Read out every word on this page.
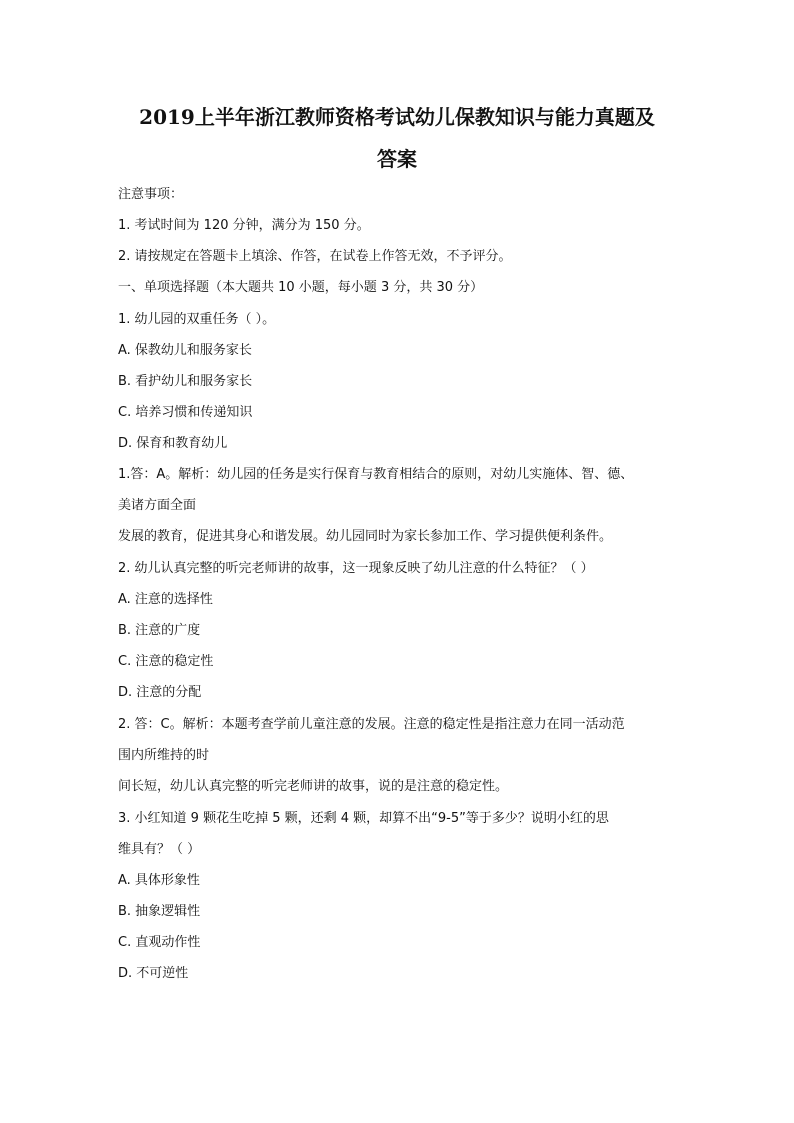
2019上半年浙江教师资格考试幼儿保教知识与能力真题及
答案
注意事项：
1. 考试时间为 120 分钟，满分为 150 分。
2. 请按规定在答题卡上填涂、作答，在试卷上作答无效，不予评分。
一、单项选择题（本大题共 10 小题，每小题 3 分，共 30 分）
1. 幼儿园的双重任务（ ）。
A. 保教幼儿和服务家长
B. 看护幼儿和服务家长
C. 培养习惯和传递知识
D. 保育和教育幼儿
1.答：A。解析：幼儿园的任务是实行保育与教育相结合的原则，对幼儿实施体、智、德、
美诸方面全面
发展的教育，促进其身心和谐发展。幼儿园同时为家长参加工作、学习提供便利条件。
2. 幼儿认真完整的听完老师讲的故事，这一现象反映了幼儿注意的什么特征？（ ）
A. 注意的选择性
B. 注意的广度
C. 注意的稳定性
D. 注意的分配
2. 答：C。解析：本题考查学前儿童注意的发展。注意的稳定性是指注意力在同一活动范
围内所维持的时
间长短，幼儿认真完整的听完老师讲的故事，说的是注意的稳定性。
3. 小红知道 9 颗花生吃掉 5 颗，还剩 4 颗，却算不出“9-5”等于多少？说明小红的思
维具有？（ ）
A. 具体形象性
B. 抽象逻辑性
C. 直观动作性
D. 不可逆性
